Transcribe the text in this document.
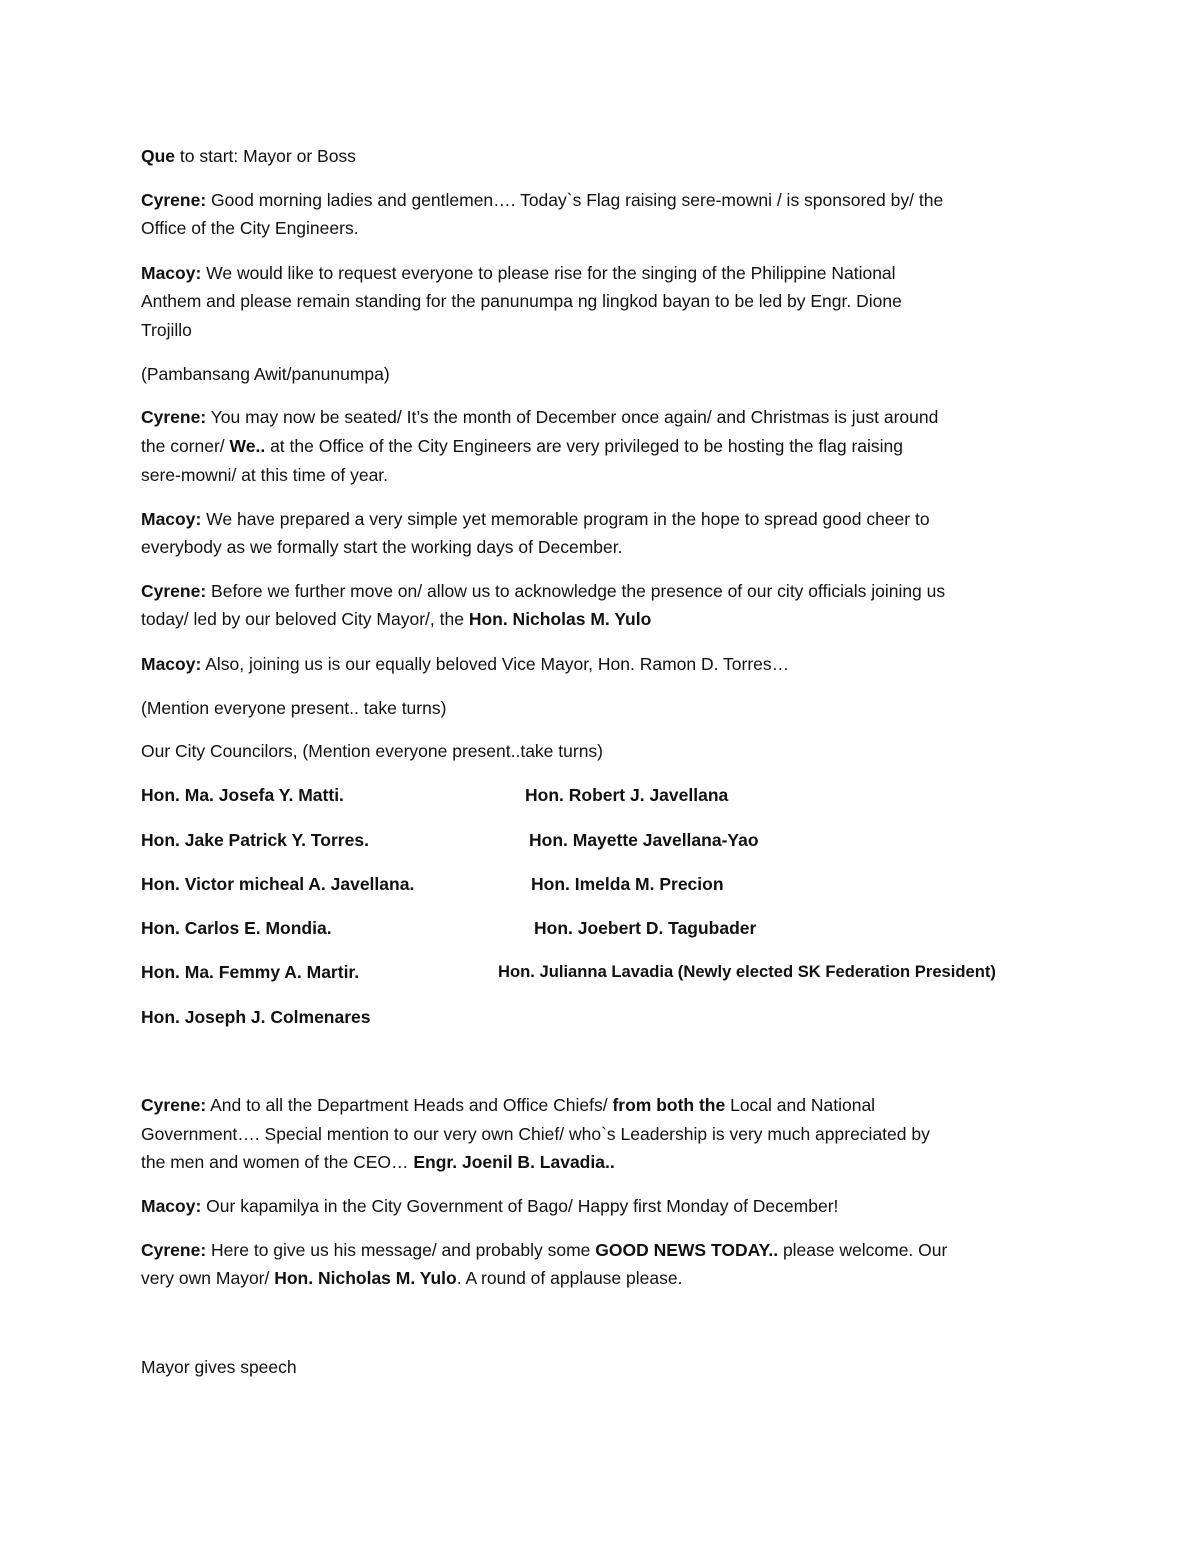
Que to start: Mayor or Boss
Cyrene: Good morning ladies and gentlemen…. Today`s Flag raising sere-mowni / is sponsored by/ the
Office of the City Engineers.
Macoy: We would like to request everyone to please rise for the singing of the Philippine National
Anthem and please remain standing for the panunumpa ng lingkod bayan to be led by Engr. Dione
Trojillo
(Pambansang Awit/panunumpa)
Cyrene: You may now be seated/ It’s the month of December once again/ and Christmas is just around
the corner/ We.. at the Office of the City Engineers are very privileged to be hosting the flag raising
sere-mowni/ at this time of year.
Macoy: We have prepared a very simple yet memorable program in the hope to spread good cheer to
everybody as we formally start the working days of December.
Cyrene: Before we further move on/ allow us to acknowledge the presence of our city officials joining us
today/ led by our beloved City Mayor/, the Hon. Nicholas M. Yulo
Macoy: Also, joining us is our equally beloved Vice Mayor, Hon. Ramon D. Torres…
(Mention everyone present.. take turns)
Our City Councilors, (Mention everyone present..take turns)
Hon. Ma. Josefa Y. Matti.	Hon. Robert J. Javellana
Hon. Jake Patrick Y. Torres.	Hon. Mayette Javellana-Yao
Hon. Victor micheal A. Javellana.	Hon. Imelda M. Precion
Hon. Carlos E. Mondia.	Hon. Joebert D. Tagubader
Hon. Ma. Femmy A. Martir.	Hon. Julianna Lavadia (Newly elected SK Federation President)
Hon. Joseph J. Colmenares
Cyrene: And to all the Department Heads and Office Chiefs/ from both the Local and National
Government…. Special mention to our very own Chief/ who`s Leadership is very much appreciated by
the men and women of the CEO… Engr. Joenil B. Lavadia..
Macoy: Our kapamilya in the City Government of Bago/ Happy first Monday of December!
Cyrene: Here to give us his message/ and probably some GOOD NEWS TODAY.. please welcome. Our
very own Mayor/ Hon. Nicholas M. Yulo. A round of applause please.
Mayor gives speech
